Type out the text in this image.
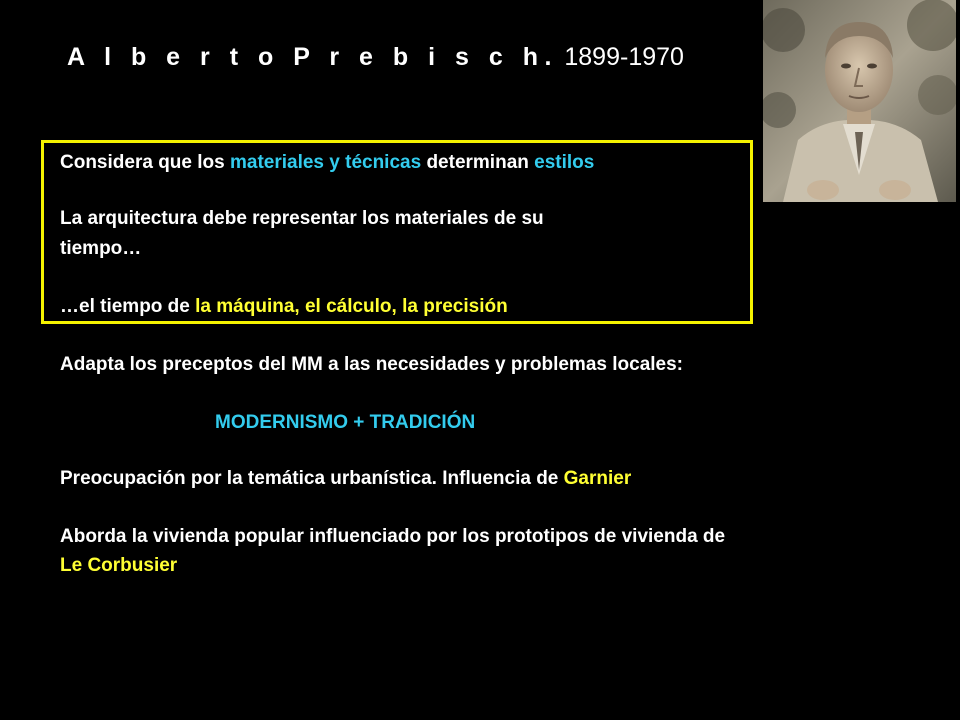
A l b e r t o P r e b i s c h. 1899-1970
Considera que los materiales y técnicas determinan estilos
La arquitectura debe representar los materiales de su
tiempo…
…el tiempo de la máquina, el cálculo, la precisión
Adapta los preceptos del MM a las necesidades y problemas locales:
MODERNISMO + TRADICIÓN
Preocupación por la temática urbanística. Influencia de Garnier
Aborda la vivienda popular influenciado por los prototipos de vivienda de
Le Corbusier
